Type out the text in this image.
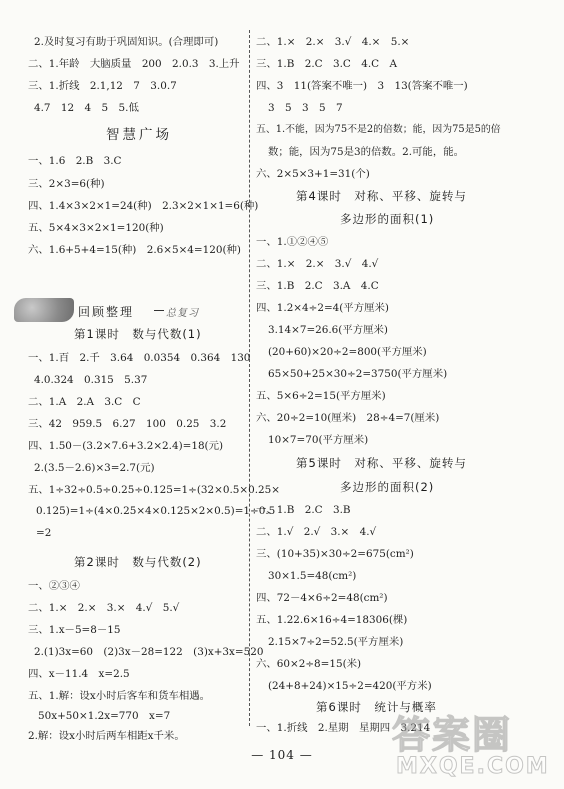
2.及时复习有助于巩固知识。(合理即可)
二、1.年龄　大脑质量　200　2.0.3　3.上升
三、1.折线　2.1,12　7　3.0.7
4.7　12　4　5　5.低
智慧广场
一、1.6　2.B　3.C
三、2×3=6(种)
四、1.4×3×2×1=24(种)　2.3×2×1×1=6(种)
五、5×4×3×2×1=120(种)
六、1.6+5+4=15(种)　2.6×5×4=120(种)
回顾整理	总复习
第1课时　数与代数(1)
一、1.百　2.千　3.64　0.0354　0.364　130
4.0.324　0.315　5.37
二、1.A　2.A　3.C　C
三、42　959.5　6.27　100　0.25　3.2
四、1.50－(3.2×7.6+3.2×2.4)=18(元)
2.(3.5－2.6)×3=2.7(元)
五、1÷32÷0.5÷0.25÷0.125=1÷(32×0.5×0.25×
0.125)=1÷(4×0.25×4×0.125×2×0.5)=1÷0.5
=2
第2课时　数与代数(2)
一、②③④
二、1.×　2.×　3.×　4.√　5.√
三、1.x－5=8－15
2.(1)3x=60　(2)3x－28=122　(3)x+3x=520
四、x－11.4　x=2.5
五、1.解：设x小时后客车和货车相遇。
50x+50×1.2x=770　x=7
二、1.×　2.×　3.√　4.×　5.×
三、1.B　2.C　3.C　4.C　A
四、3　11(答案不唯一)　3　13(答案不唯一)
3　5　3　5　7
五、1.不能，因为75不是2的倍数；能，因为75是5的倍
数；能，因为75是3的倍数。2.可能，能。
六、2×5×3+1=31(个)
第4课时　对称、平移、旋转与
多边形的面积(1)
一、1.①②④⑤
二、1.×　2.×　3.√　4.√
三、1.B　2.C　3.A　4.C
四、1.2×4÷2=4(平方厘米)
3.14×7=26.6(平方厘米)
(20+60)×20÷2=800(平方厘米)
65×50+25×30÷2=3750(平方厘米)
五、5×6÷2=15(平方厘米)
六、20÷2=10(厘米)　28÷4=7(厘米)
10×7=70(平方厘米)
第5课时　对称、平移、旋转与
多边形的面积(2)
一、1.B　2.C　3.B
二、1.√　2.√　3.×　4.√
三、(10+35)×30÷2=675(cm²)
30×1.5=48(cm²)
四、72－4×6÷2=48(cm²)
五、1.22.6×16÷4=18306(棵)
2.15×7÷2=52.5(平方厘米)
六、60×2÷8=15(米)
(24+8+24)×15÷2=420(平方米)
第6课时　统计与概率
一、1.折线　2.星期　星期四　3.214
2.解：设x小时后两车相距x千米。
— 104 —	答案圈
MXQE.COM
